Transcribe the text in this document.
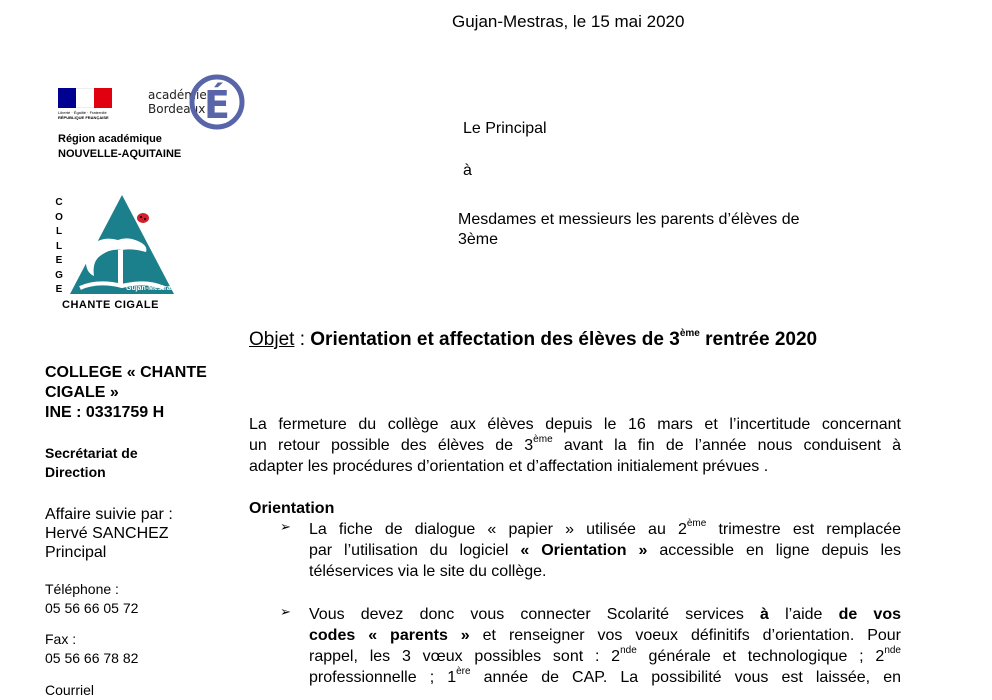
Gujan-Mestras, le 15 mai 2020
Liberté · Égalité · Fraternité
RÉPUBLIQUE FRANÇAISE
académie
Bordeaux
É
Région académique
NOUVELLE-AQUITAINE
C
O
L
L
E
G
E	Gujan-Mestras
CHANTE CIGALE
COLLEGE « CHANTE
CIGALE »
INE : 0331759 H
Secrétariat de
Direction
Affaire suivie par :
Hervé SANCHEZ
Principal
Téléphone :
05 56 66 05 72
Fax :
05 56 66 78 82
Courriel
Le Principal
à
Mesdames et messieurs les parents d’élèves de
3ème
Objet : Orientation et affectation des élèves de 3ème rentrée 2020
La fermeture du collège aux élèves depuis le 16 mars et l’incertitude concernant
un retour possible des élèves de 3ème avant la fin de l’année nous conduisent à
adapter les procédures d’orientation et d’affectation initialement prévues .
Orientation
➢ La fiche de dialogue « papier » utilisée au 2ème trimestre est remplacée
par l’utilisation du logiciel « Orientation » accessible en ligne depuis les
téléservices via le site du collège.
➢ Vous devez donc vous connecter Scolarité services à l’aide de vos
codes « parents » et renseigner vos voeux définitifs d’orientation. Pour
rappel, les 3 vœux possibles sont : 2nde générale et technologique ; 2nde
professionnelle ; 1ère année de CAP. La possibilité vous est laissée, en
